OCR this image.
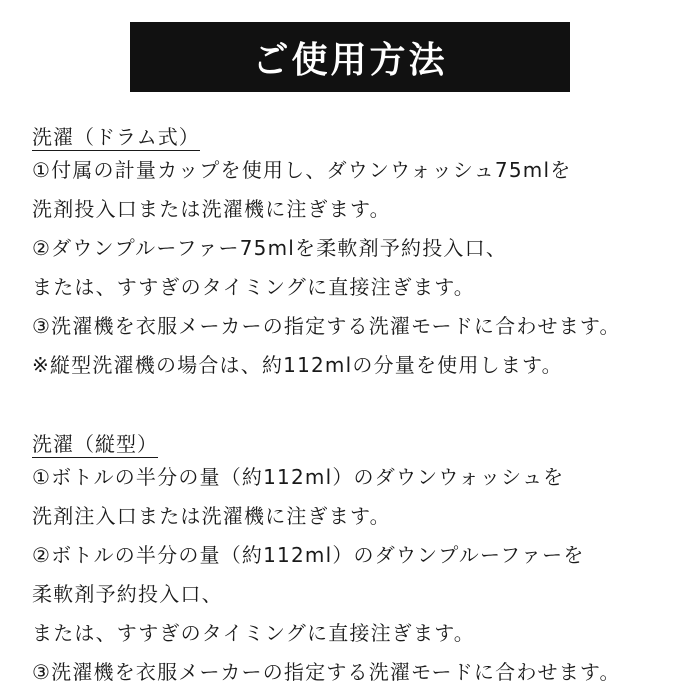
ご使用方法
洗濯（ドラム式）
①付属の計量カップを使用し、ダウンウォッシュ75mlを
洗剤投入口または洗濯機に注ぎます。
②ダウンプルーファー75mlを柔軟剤予約投入口、
または、すすぎのタイミングに直接注ぎます。
③洗濯機を衣服メーカーの指定する洗濯モードに合わせます。
※縦型洗濯機の場合は、約112mlの分量を使用します。
洗濯（縦型）
①ボトルの半分の量（約112ml）のダウンウォッシュを
洗剤注入口または洗濯機に注ぎます。
②ボトルの半分の量（約112ml）のダウンプルーファーを
柔軟剤予約投入口、
または、すすぎのタイミングに直接注ぎます。
③洗濯機を衣服メーカーの指定する洗濯モードに合わせます。
